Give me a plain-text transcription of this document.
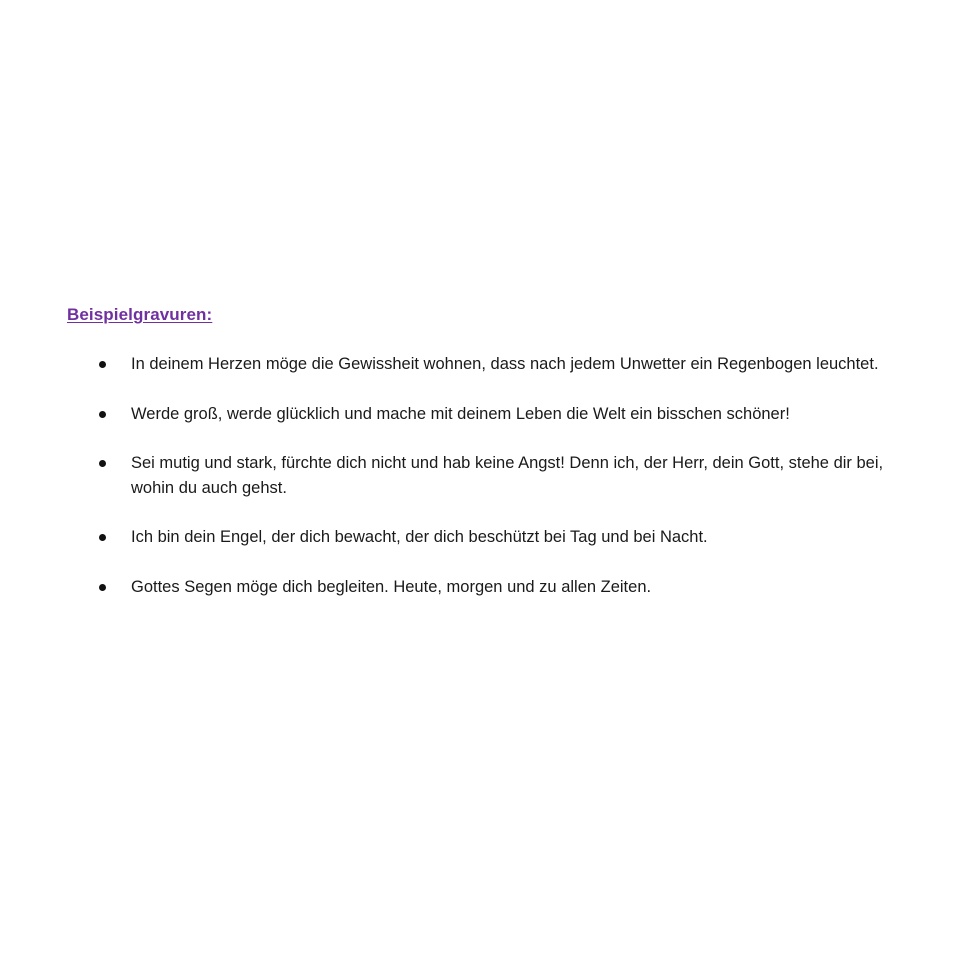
Beispielgravuren:
In deinem Herzen möge die Gewissheit wohnen, dass nach jedem Unwetter ein Regenbogen leuchtet.
Werde groß, werde glücklich und mache mit deinem Leben die Welt ein bisschen schöner!
Sei mutig und stark, fürchte dich nicht und hab keine Angst! Denn ich, der Herr, dein Gott, stehe dir bei, wohin du auch gehst.
Ich bin dein Engel, der dich bewacht, der dich beschützt bei Tag und bei Nacht.
Gottes Segen möge dich begleiten. Heute, morgen und zu allen Zeiten.
